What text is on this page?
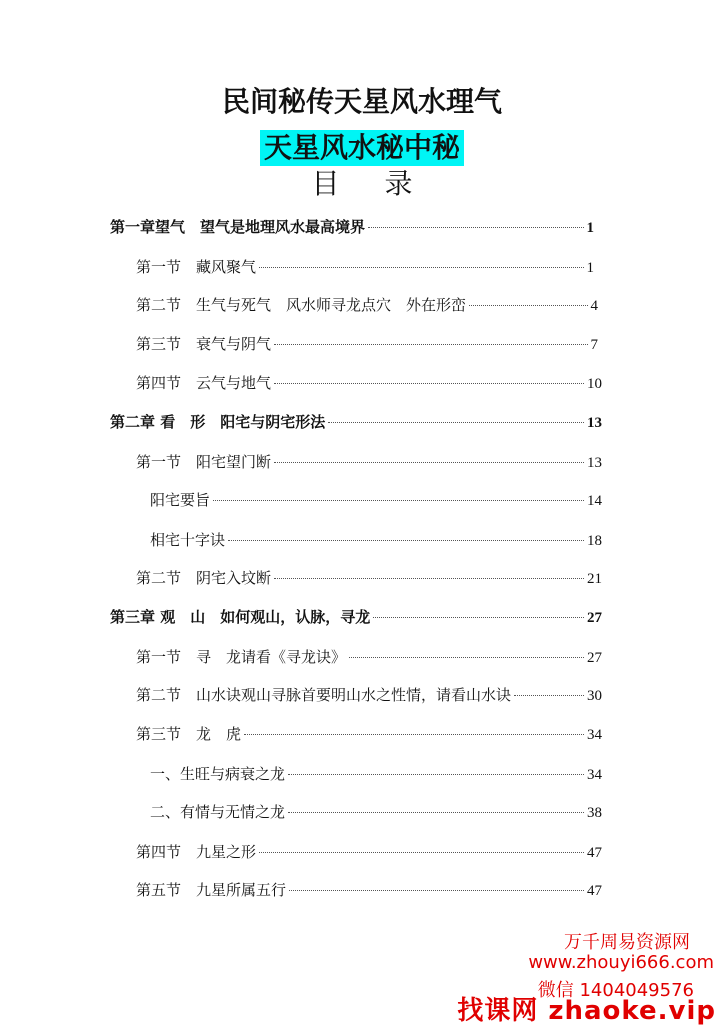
民间秘传天星风水理气
天星风水秘中秘
目 录
第一章望气　望气是地理风水最高境界	1
第一节　藏风聚气	1
第二节　生气与死气　风水师寻龙点穴　外在形峦	4
第三节　衰气与阴气	7
第四节　云气与地气	10
第二章 看　形　阳宅与阴宅形法	13
第一节　阳宅望门断	13
阳宅要旨	14
相宅十字诀	18
第二节　阴宅入坟断	21
第三章 观　山　如何观山，认脉，寻龙	27
第一节　寻　龙请看《寻龙诀》	27
第二节　山水诀观山寻脉首要明山水之性情，请看山水诀	30
第三节　龙　虎	34
一、生旺与病衰之龙	34
二、有情与无情之龙	38
第四节　九星之形	47
第五节　九星所属五行	47
万千周易资源网
www.zhouyi666.com
微信 1404049576
找课网 zhaoke.vip
